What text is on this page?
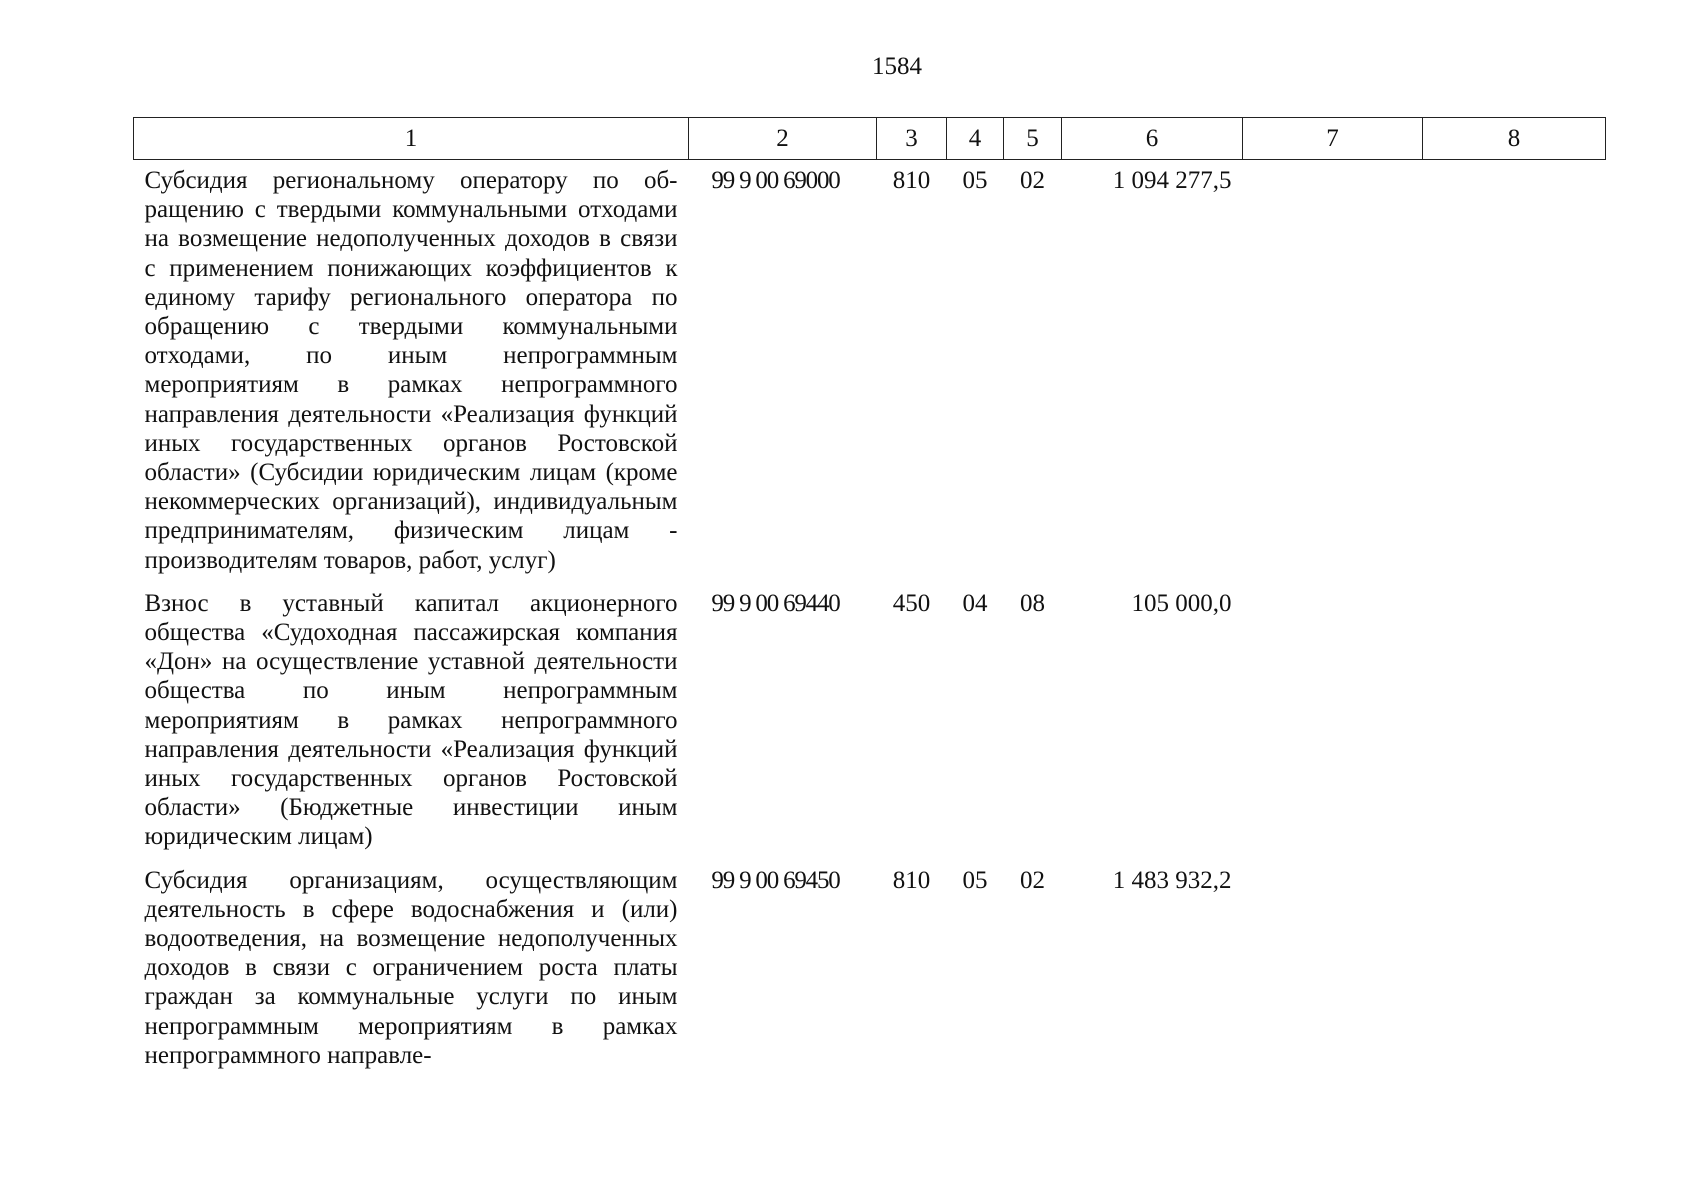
1584
1	2	3	4	5	6	7	8
Субсидия региональному оператору по обращению с твердыми коммунальными отходами на возмещение недополученных доходов в связи с применением понижающих коэффициентов к единому тарифу регионального оператора по обращению с твердыми коммунальными отходами, по иным непрограммным мероприятиям в рамках непрограммного направления деятельности «Реализация функций иных государственных органов Ростовской области» (Субсидии юридическим лицам (кроме некоммерческих организаций), индивидуальным предпринимателям, физическим лицам - производителям товаров, работ, услуг)	99 9 00 69000	810	05	02	1 094 277,5		
Взнос в уставный капитал акционерного общества «Судоходная пассажирская компания «Дон» на осуществление уставной деятельности общества по иным непрограммным мероприятиям в рамках непрограммного направления деятельности «Реализация функций иных государственных органов Ростовской области» (Бюджетные инвестиции иным юридическим лицам)	99 9 00 69440	450	04	08	105 000,0		
Субсидия организациям, осуществляющим деятельность в сфере водоснабжения и (или) водоотведения, на возмещение недополученных доходов в связи с ограничением роста платы граждан за коммунальные услуги по иным непрограммным мероприятиям в рамках непрограммного направле-	99 9 00 69450	810	05	02	1 483 932,2		
